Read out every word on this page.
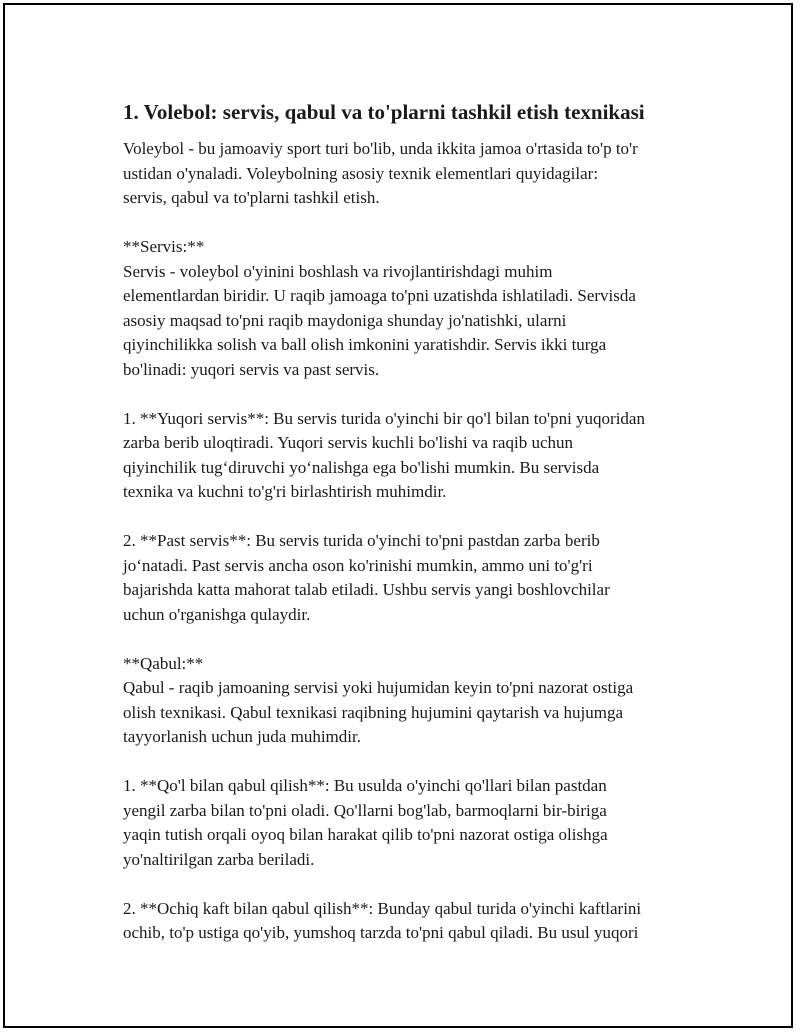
1. Volebol: servis, qabul va to'plarni tashkil etish texnikasi
Voleybol - bu jamoaviy sport turi bo'lib, unda ikkita jamoa o'rtasida to'p to'r
ustidan o'ynaladi. Voleybolning asosiy texnik elementlari quyidagilar:
servis, qabul va to'plarni tashkil etish.
**Servis:**
Servis - voleybol o'yinini boshlash va rivojlantirishdagi muhim
elementlardan biridir. U raqib jamoaga to'pni uzatishda ishlatiladi. Servisda
asosiy maqsad to'pni raqib maydoniga shunday jo'natishki, ularni
qiyinchilikka solish va ball olish imkonini yaratishdir. Servis ikki turga
bo'linadi: yuqori servis va past servis.
1. **Yuqori servis**: Bu servis turida o'yinchi bir qo'l bilan to'pni yuqoridan
zarba berib uloqtiradi. Yuqori servis kuchli bo'lishi va raqib uchun
qiyinchilik tug‘diruvchi yo‘nalishga ega bo'lishi mumkin. Bu servisda
texnika va kuchni to'g'ri birlashtirish muhimdir.
2. **Past servis**: Bu servis turida o'yinchi to'pni pastdan zarba berib
jo‘natadi. Past servis ancha oson ko'rinishi mumkin, ammo uni to'g'ri
bajarishda katta mahorat talab etiladi. Ushbu servis yangi boshlovchilar
uchun o'rganishga qulaydir.
**Qabul:**
Qabul - raqib jamoaning servisi yoki hujumidan keyin to'pni nazorat ostiga
olish texnikasi. Qabul texnikasi raqibning hujumini qaytarish va hujumga
tayyorlanish uchun juda muhimdir.
1. **Qo'l bilan qabul qilish**: Bu usulda o'yinchi qo'llari bilan pastdan
yengil zarba bilan to'pni oladi. Qo'llarni bog'lab, barmoqlarni bir-biriga
yaqin tutish orqali oyoq bilan harakat qilib to'pni nazorat ostiga olishga
yo'naltirilgan zarba beriladi.
2. **Ochiq kaft bilan qabul qilish**: Bunday qabul turida o'yinchi kaftlarini
ochib, to'p ustiga qo'yib, yumshoq tarzda to'pni qabul qiladi. Bu usul yuqori
